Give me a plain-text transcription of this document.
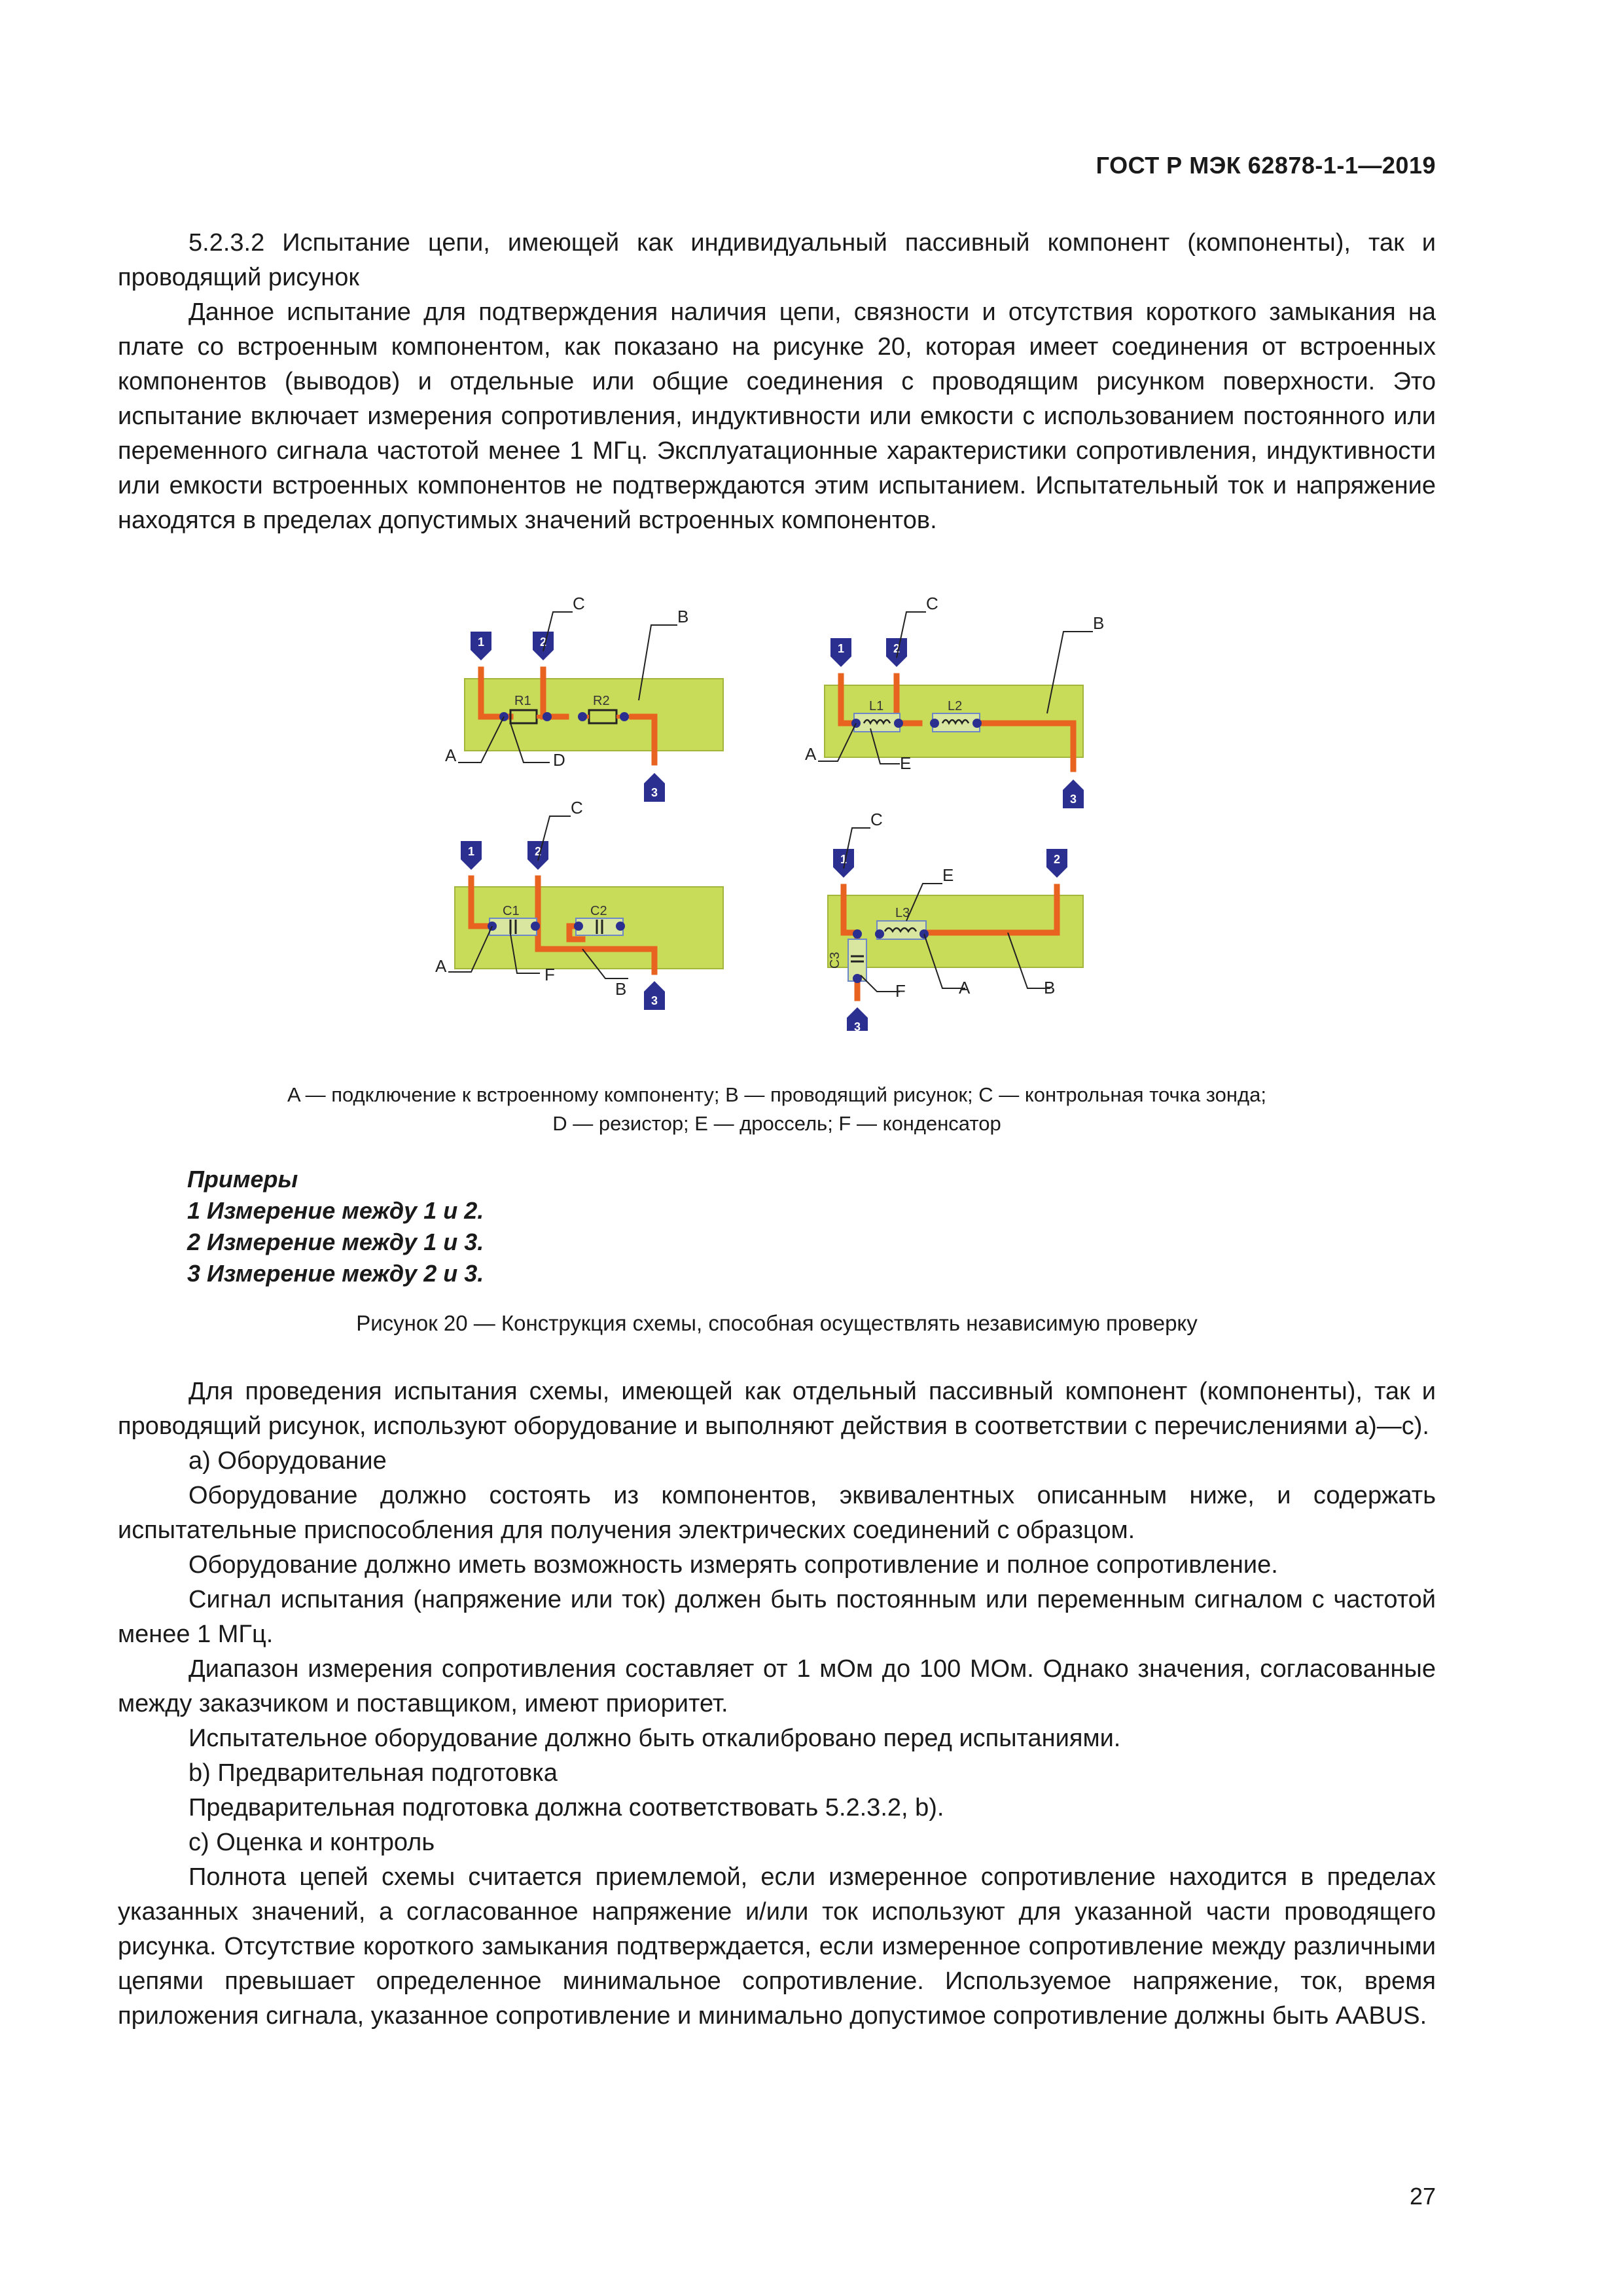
ГОСТ Р МЭК 62878-1-1—2019

5.2.3.2 Испытание цепи, имеющей как индивидуальный пассивный компонент (компоненты), так и проводящий рисунок

Данное испытание для подтверждения наличия цепи, связности и отсутствия короткого замыкания на плате со встроенным компонентом, как показано на рисунке 20, которая имеет соединения от встроенных компонентов (выводов) и отдельные или общие соединения с проводящим рисунком поверхности. Это испытание включает измерения сопротивления, индуктивности или емкости с использованием постоянного или переменного сигнала частотой менее 1 МГц. Эксплуатационные характеристики сопротивления, индуктивности или емкости встроенных компонентов не подтверждаются этим испытанием. Испытательный ток и напряжение находятся в пределах допустимых значений встроенных компонентов.

R1	R2
1	2
3
C
B
A	D
L1	L2
1	2
3
C
B
A	E
C1	C2
1	2
3
C
A	F
B
L3
C3
1	2
3
C
E
F	A	B
A — подключение к встроенному компоненту; B — проводящий рисунок; C — контрольная точка зонда;
D — резистор; E — дроссель; F — конденсатор
Примеры
1 Измерение между 1 и 2.
2 Измерение между 1 и 3.
3 Измерение между 2 и 3.
Рисунок 20 — Конструкция схемы, способная осуществлять независимую проверку

Для проведения испытания схемы, имеющей как отдельный пассивный компонент (компоненты), так и проводящий рисунок, используют оборудование и выполняют действия в соответствии с перечислениями а)—с).

а) Оборудование

Оборудование должно состоять из компонентов, эквивалентных описанным ниже, и содержать испытательные приспособления для получения электрических соединений с образцом.

Оборудование должно иметь возможность измерять сопротивление и полное сопротивление.

Сигнал испытания (напряжение или ток) должен быть постоянным или переменным сигналом с частотой менее 1 МГц.

Диапазон измерения сопротивления составляет от 1 мОм до 100 МОм. Однако значения, согласованные между заказчиком и поставщиком, имеют приоритет.

Испытательное оборудование должно быть откалибровано перед испытаниями.

b) Предварительная подготовка

Предварительная подготовка должна соответствовать 5.2.3.2, b).

с) Оценка и контроль

Полнота цепей схемы считается приемлемой, если измеренное сопротивление находится в пределах указанных значений, а согласованное напряжение и/или ток используют для указанной части проводящего рисунка. Отсутствие короткого замыкания подтверждается, если измеренное сопротивление между различными цепями превышает определенное минимальное сопротивление. Используемое напряжение, ток, время приложения сигнала, указанное сопротивление и минимально допустимое сопротивление должны быть AABUS.

27
